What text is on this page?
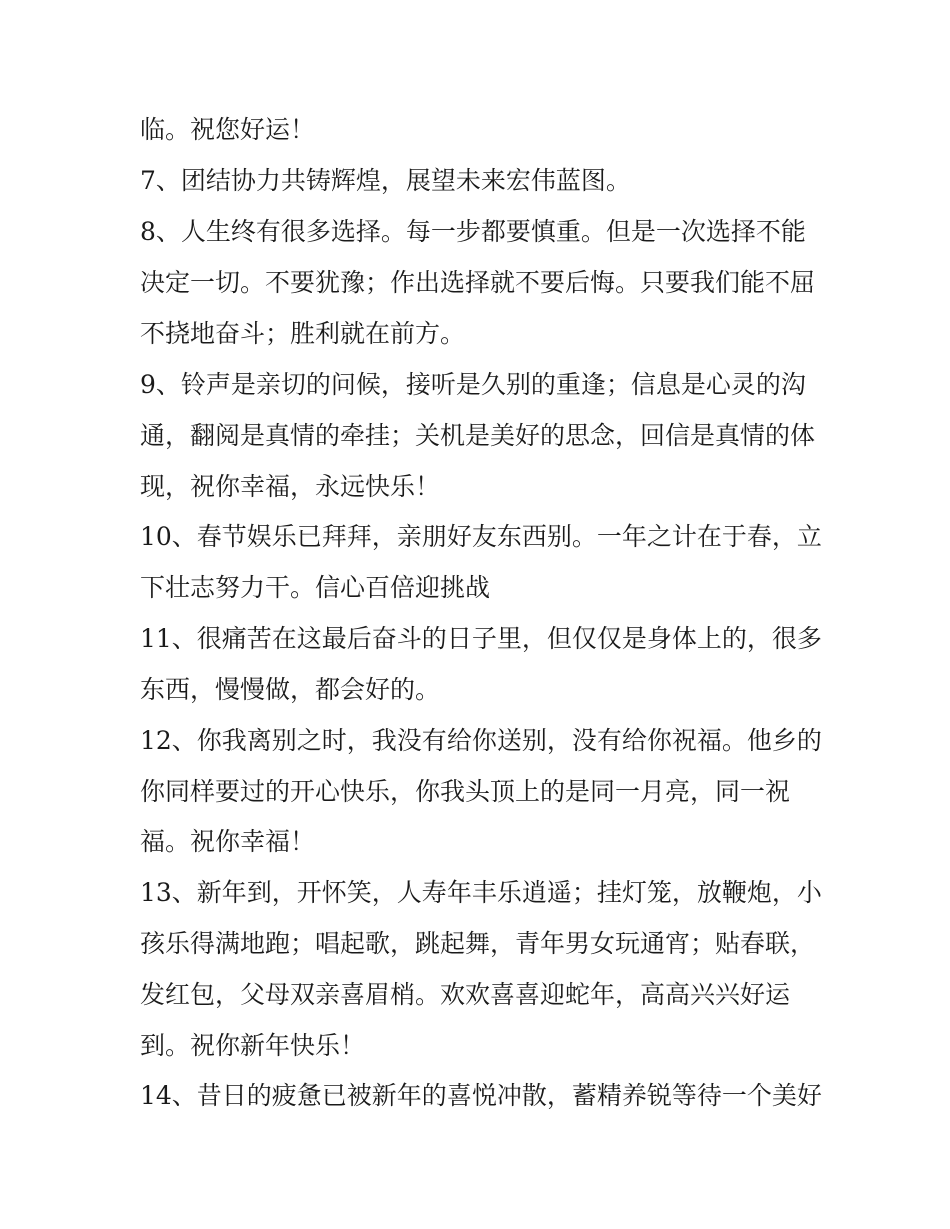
临。祝您好运！
7、团结协力共铸辉煌，展望未来宏伟蓝图。
8、人生终有很多选择。每一步都要慎重。但是一次选择不能
决定一切。不要犹豫；作出选择就不要后悔。只要我们能不屈
不挠地奋斗；胜利就在前方。
9、铃声是亲切的问候，接听是久别的重逢；信息是心灵的沟
通，翻阅是真情的牵挂；关机是美好的思念，回信是真情的体
现，祝你幸福，永远快乐！
10、春节娱乐已拜拜，亲朋好友东西别。一年之计在于春，立
下壮志努力干。信心百倍迎挑战
11、很痛苦在这最后奋斗的日子里，但仅仅是身体上的，很多
东西，慢慢做，都会好的。
12、你我离别之时，我没有给你送别，没有给你祝福。他乡的
你同样要过的开心快乐，你我头顶上的是同一月亮，同一祝
福。祝你幸福！
13、新年到，开怀笑，人寿年丰乐逍遥；挂灯笼，放鞭炮，小
孩乐得满地跑；唱起歌，跳起舞，青年男女玩通宵；贴春联，
发红包，父母双亲喜眉梢。欢欢喜喜迎蛇年，高高兴兴好运
到。祝你新年快乐！
14、昔日的疲惫已被新年的喜悦冲散，蓄精养锐等待一个美好
